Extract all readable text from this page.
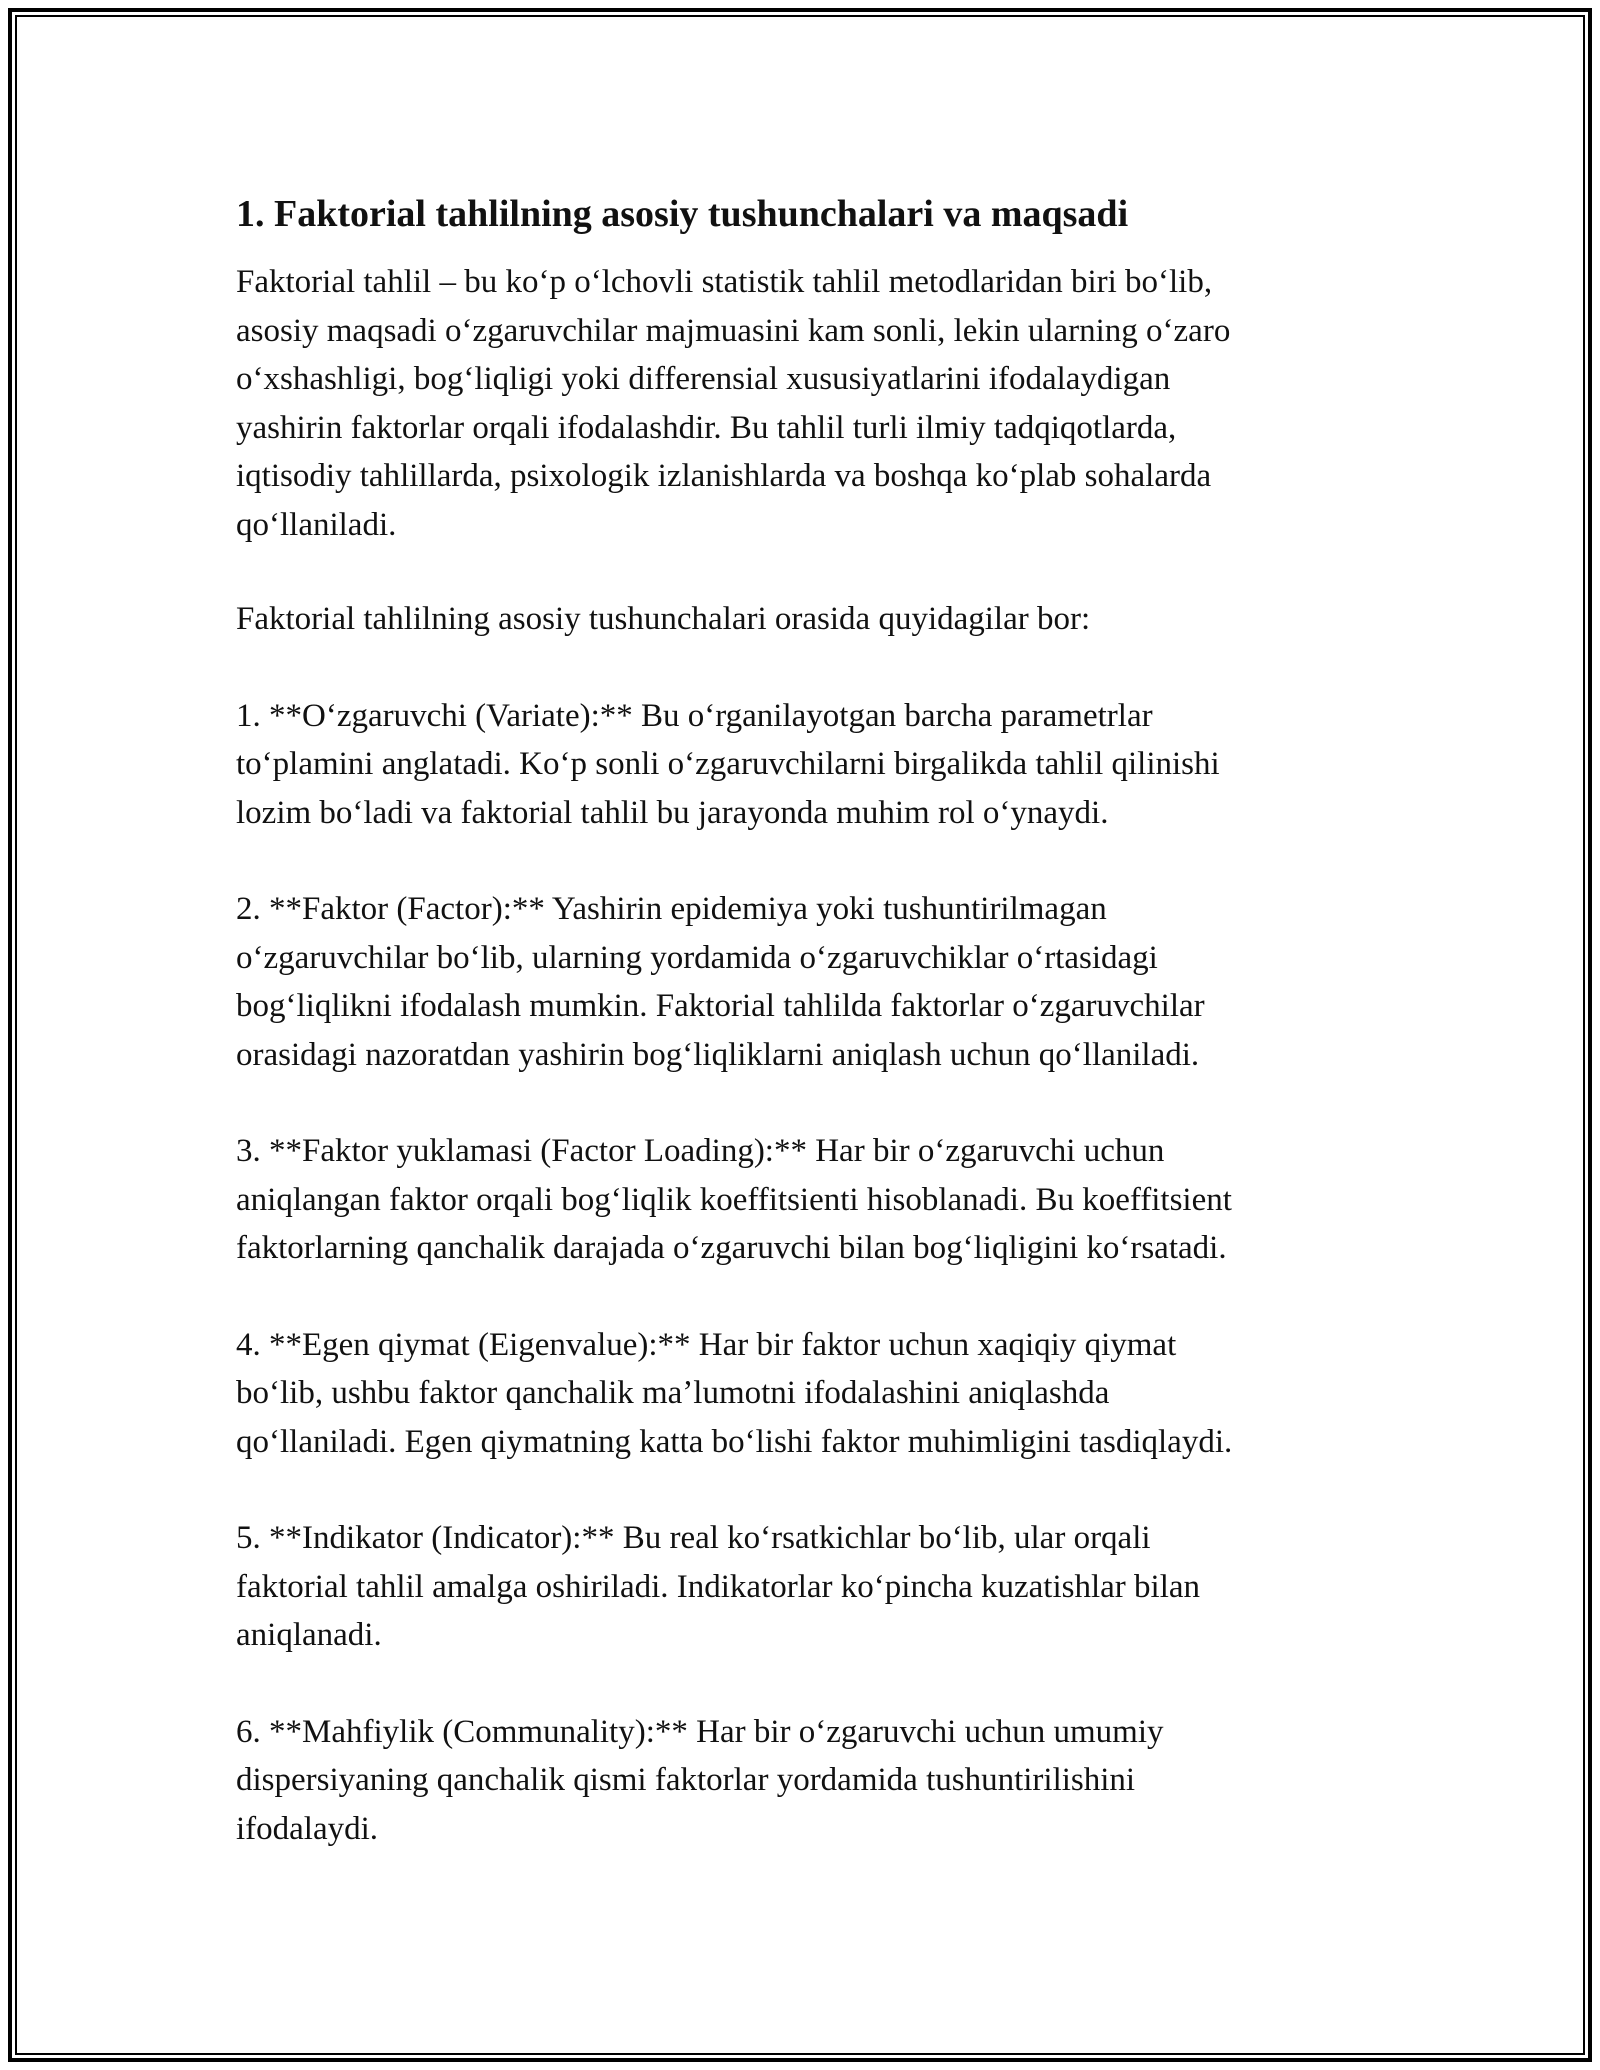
1. Faktorial tahlilning asosiy tushunchalari va maqsadi
Faktorial tahlil – bu koʻp oʻlchovli statistik tahlil metodlaridan biri boʻlib,
asosiy maqsadi oʻzgaruvchilar majmuasini kam sonli, lekin ularning oʻzaro
oʻxshashligi, bogʻliqligi yoki differensial xususiyatlarini ifodalaydigan
yashirin faktorlar orqali ifodalashdir. Bu tahlil turli ilmiy tadqiqotlarda,
iqtisodiy tahlillarda, psixologik izlanishlarda va boshqa koʻplab sohalarda
qoʻllaniladi.
Faktorial tahlilning asosiy tushunchalari orasida quyidagilar bor:
1. **Oʻzgaruvchi (Variate):** Bu oʻrganilayotgan barcha parametrlar
toʻplamini anglatadi. Koʻp sonli oʻzgaruvchilarni birgalikda tahlil qilinishi
lozim boʻladi va faktorial tahlil bu jarayonda muhim rol oʻynaydi.
2. **Faktor (Factor):** Yashirin epidemiya yoki tushuntirilmagan
oʻzgaruvchilar boʻlib, ularning yordamida oʻzgaruvchiklar oʻrtasidagi
bogʻliqlikni ifodalash mumkin. Faktorial tahlilda faktorlar oʻzgaruvchilar
orasidagi nazoratdan yashirin bogʻliqliklarni aniqlash uchun qoʻllaniladi.
3. **Faktor yuklamasi (Factor Loading):** Har bir oʻzgaruvchi uchun
aniqlangan faktor orqali bogʻliqlik koeffitsienti hisoblanadi. Bu koeffitsient
faktorlarning qanchalik darajada oʻzgaruvchi bilan bogʻliqligini koʻrsatadi.
4. **Egen qiymat (Eigenvalue):** Har bir faktor uchun xaqiqiy qiymat
boʻlib, ushbu faktor qanchalik maʼlumotni ifodalashini aniqlashda
qoʻllaniladi. Egen qiymatning katta boʻlishi faktor muhimligini tasdiqlaydi.
5. **Indikator (Indicator):** Bu real koʻrsatkichlar boʻlib, ular orqali
faktorial tahlil amalga oshiriladi. Indikatorlar koʻpincha kuzatishlar bilan
aniqlanadi.
6. **Mahfiylik (Communality):** Har bir oʻzgaruvchi uchun umumiy
dispersiyaning qanchalik qismi faktorlar yordamida tushuntirilishini
ifodalaydi.
